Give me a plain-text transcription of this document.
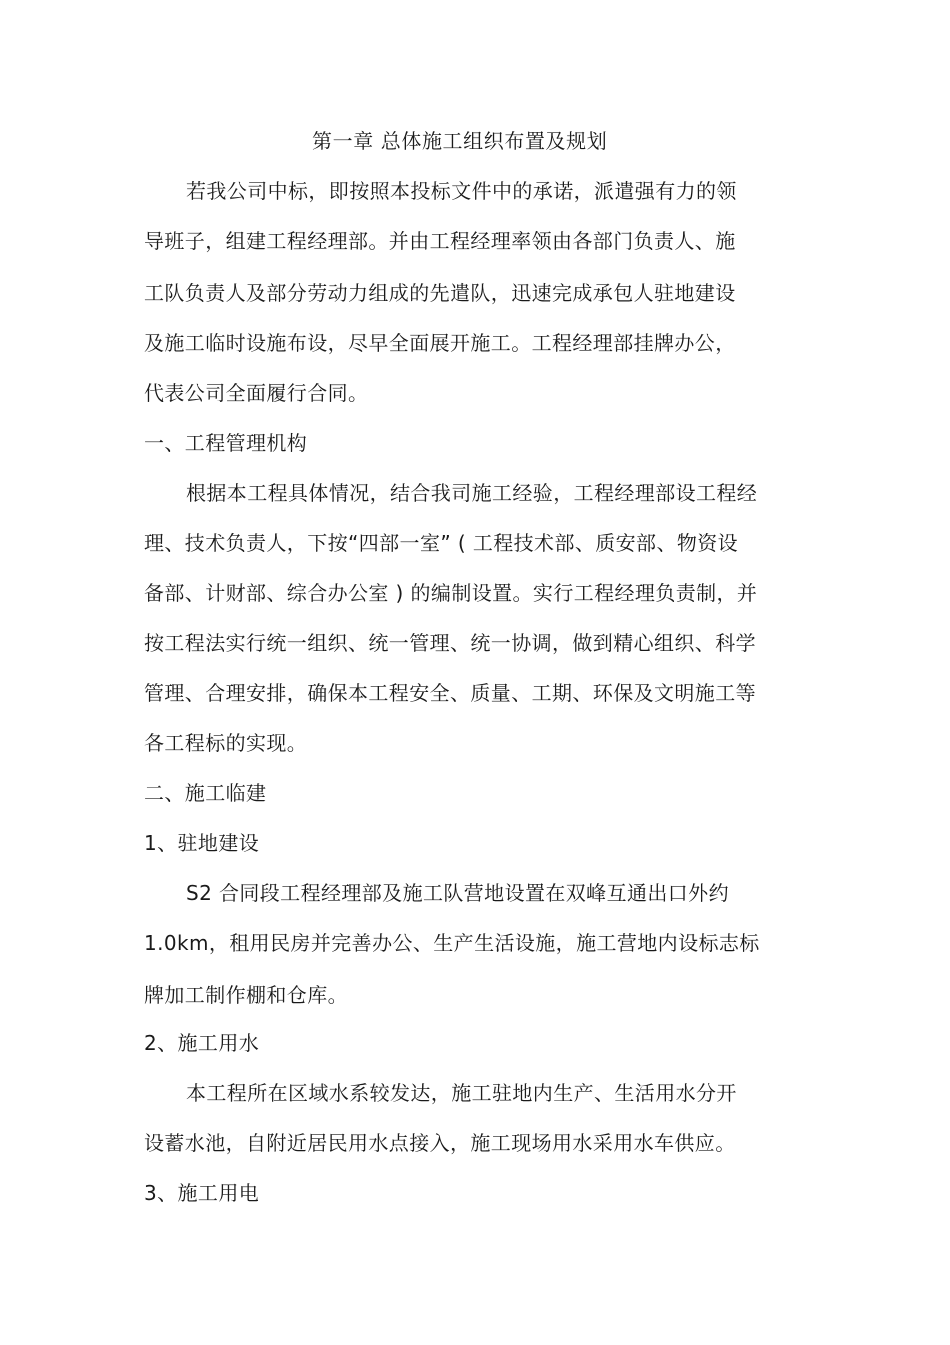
第一章 总体施工组织布置及规划
若我公司中标，即按照本投标文件中的承诺，派遣强有力的领
导班子，组建工程经理部。并由工程经理率领由各部门负责人、施
工队负责人及部分劳动力组成的先遣队，迅速完成承包人驻地建设
及施工临时设施布设，尽早全面展开施工。工程经理部挂牌办公，
代表公司全面履行合同。
一、工程管理机构
根据本工程具体情况，结合我司施工经验，工程经理部设工程经
理、技术负责人，下按“四部一室” ( 工程技术部、质安部、物资设
备部、计财部、综合办公室 ) 的编制设置。实行工程经理负责制，并
按工程法实行统一组织、统一管理、统一协调，做到精心组织、科学
管理、合理安排，确保本工程安全、质量、工期、环保及文明施工等
各工程标的实现。
二、施工临建
1、驻地建设
S2 合同段工程经理部及施工队营地设置在双峰互通出口外约
1.0km，租用民房并完善办公、生产生活设施，施工营地内设标志标
牌加工制作棚和仓库。
2、施工用水
本工程所在区域水系较发达，施工驻地内生产、生活用水分开
设蓄水池，自附近居民用水点接入，施工现场用水采用水车供应。
3、施工用电
